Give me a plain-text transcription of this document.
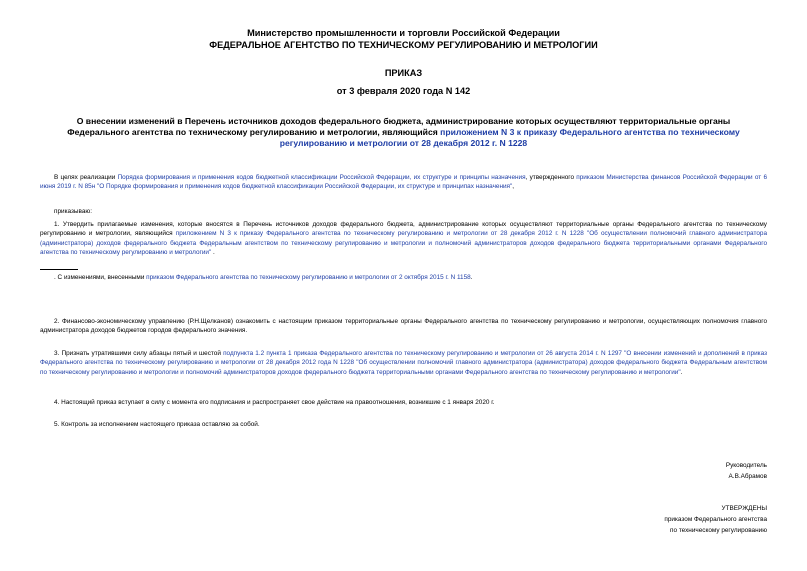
Министерство промышленности и торговли Российской Федерации
ФЕДЕРАЛЬНОЕ АГЕНТСТВО ПО ТЕХНИЧЕСКОМУ РЕГУЛИРОВАНИЮ И МЕТРОЛОГИИ
ПРИКАЗ
от 3 февраля 2020 года N 142
О внесении изменений в Перечень источников доходов федерального бюджета, администрирование которых осуществляют территориальные органы Федерального агентства по техническому регулированию и метрологии, являющийся приложением N 3 к приказу Федерального агентства по техническому регулированию и метрологии от 28 декабря 2012 г. N 1228
В целях реализации Порядка формирования и применения кодов бюджетной классификации Российской Федерации, их структуре и принципы назначения, утвержденного приказом Министерства финансов Российской Федерации от 6 июня 2019 г. N 85н "О Порядке формирования и применения кодов бюджетной классификации Российской Федерации, их структуре и принципах назначения",
приказываю:
1. Утвердить прилагаемые изменения, которые вносятся в Перечень источников доходов федерального бюджета, администрирование которых осуществляют территориальные органы Федерального агентства по техническому регулированию и метрологии, являющийся приложением N 3 к приказу Федерального агентства по техническому регулированию и метрологии от 28 декабря 2012 г. N 1228 "Об осуществлении полномочий главного администратора (администратора) доходов федерального бюджета Федеральным агентством по техническому регулированию и метрологии и полномочий администраторов доходов федерального бюджета территориальными органами Федерального агентства по техническому регулированию и метрологии" .
. С изменениями, внесенными приказом Федерального агентства по техническому регулированию и метрологии от 2 октября 2015 г. N 1158.
2. Финансово-экономическому управлению (Р.Н.Щелканов) ознакомить с настоящим приказом территориальные органы Федерального агентства по техническому регулированию и метрологии, осуществляющих полномочия главного администратора доходов бюджетов городов федерального значения.
3. Признать утратившими силу абзацы пятый и шестой подпункта 1.2 пункта 1 приказа Федерального агентства по техническому регулированию и метрологии от 26 августа 2014 г. N 1297 "О внесении изменений и дополнений в приказ Федерального агентства по техническому регулированию и метрологии от 28 декабря 2012 года N 1228 "Об осуществлении полномочий главного администратора (администратора) доходов федерального бюджета Федеральным агентством по техническому регулированию и метрологии и полномочий администраторов доходов федерального бюджета территориальными органами Федерального агентства по техническому регулированию и метрологии".
4. Настоящий приказ вступает в силу с момента его подписания и распространяет свое действие на правоотношения, возникшие с 1 января 2020 г.
5. Контроль за исполнением настоящего приказа оставляю за собой.
Руководитель
А.В.Абрамов
УТВЕРЖДЕНЫ
приказом Федерального агентства
по техническому регулированию
